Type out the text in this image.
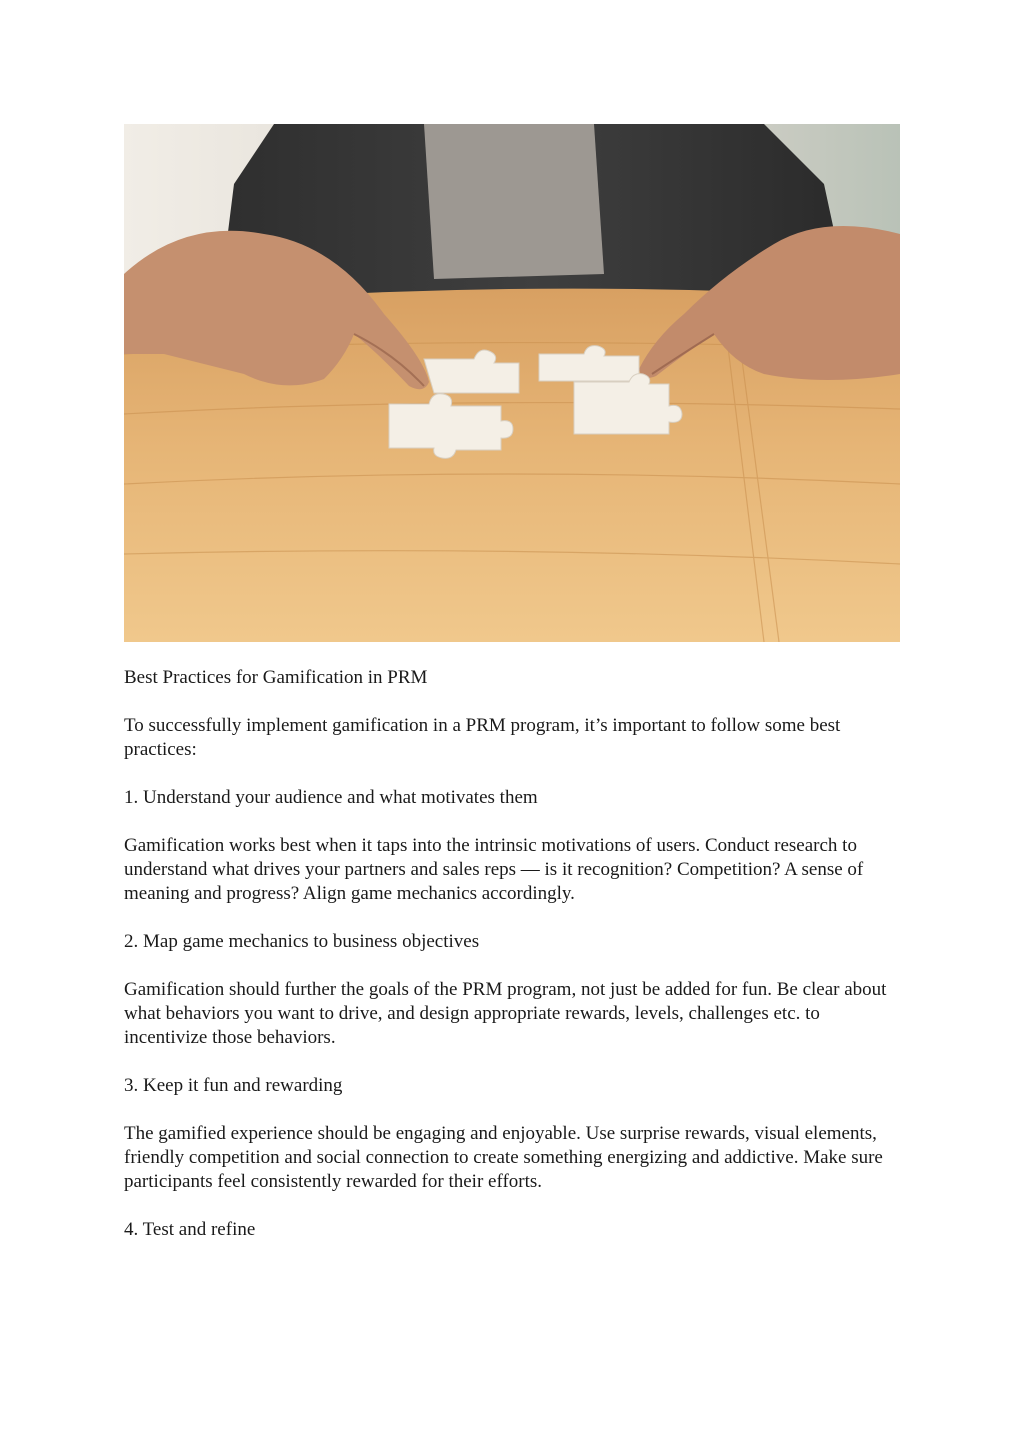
Best Practices for Gamification in PRM

To successfully implement gamification in a PRM program, it’s important to follow some best practices:

1. Understand your audience and what motivates them

Gamification works best when it taps into the intrinsic motivations of users. Conduct research to understand what drives your partners and sales reps — is it recognition? Competition? A sense of meaning and progress? Align game mechanics accordingly.

2. Map game mechanics to business objectives

Gamification should further the goals of the PRM program, not just be added for fun. Be clear about what behaviors you want to drive, and design appropriate rewards, levels, challenges etc. to incentivize those behaviors.

3. Keep it fun and rewarding

The gamified experience should be engaging and enjoyable. Use surprise rewards, visual elements, friendly competition and social connection to create something energizing and addictive. Make sure participants feel consistently rewarded for their efforts.

4. Test and refine
